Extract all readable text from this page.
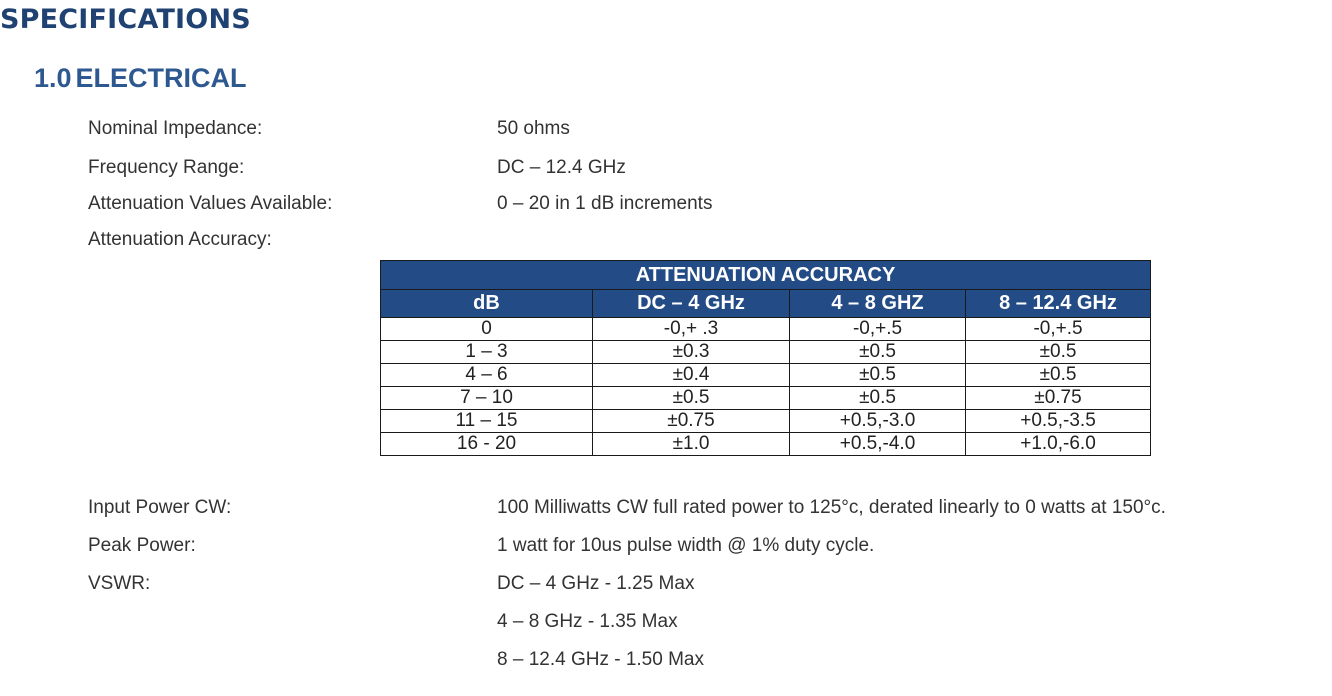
SPECIFICATIONS
1.0 ELECTRICAL
Nominal Impedance:	50 ohms
Frequency Range:	DC – 12.4 GHz
Attenuation Values Available:	0 – 20 in 1 dB increments
Attenuation Accuracy:
ATTENUATION ACCURACY			
dB	DC – 4 GHz	4 – 8 GHZ	8 – 12.4 GHz
0	-0,+ .3	-0,+.5	-0,+.5
1 – 3	±0.3	±0.5	±0.5
4 – 6	±0.4	±0.5	±0.5
7 – 10	±0.5	±0.5	±0.75
11 – 15	±0.75	+0.5,-3.0	+0.5,-3.5
16 - 20	±1.0	+0.5,-4.0	+1.0,-6.0
Input Power CW:	100 Milliwatts CW full rated power to 125°c, derated linearly to 0 watts at 150°c.
Peak Power:	1 watt for 10us pulse width @ 1% duty cycle.
VSWR:	DC – 4 GHz - 1.25 Max
4 – 8 GHz - 1.35 Max
8 – 12.4 GHz - 1.50 Max
